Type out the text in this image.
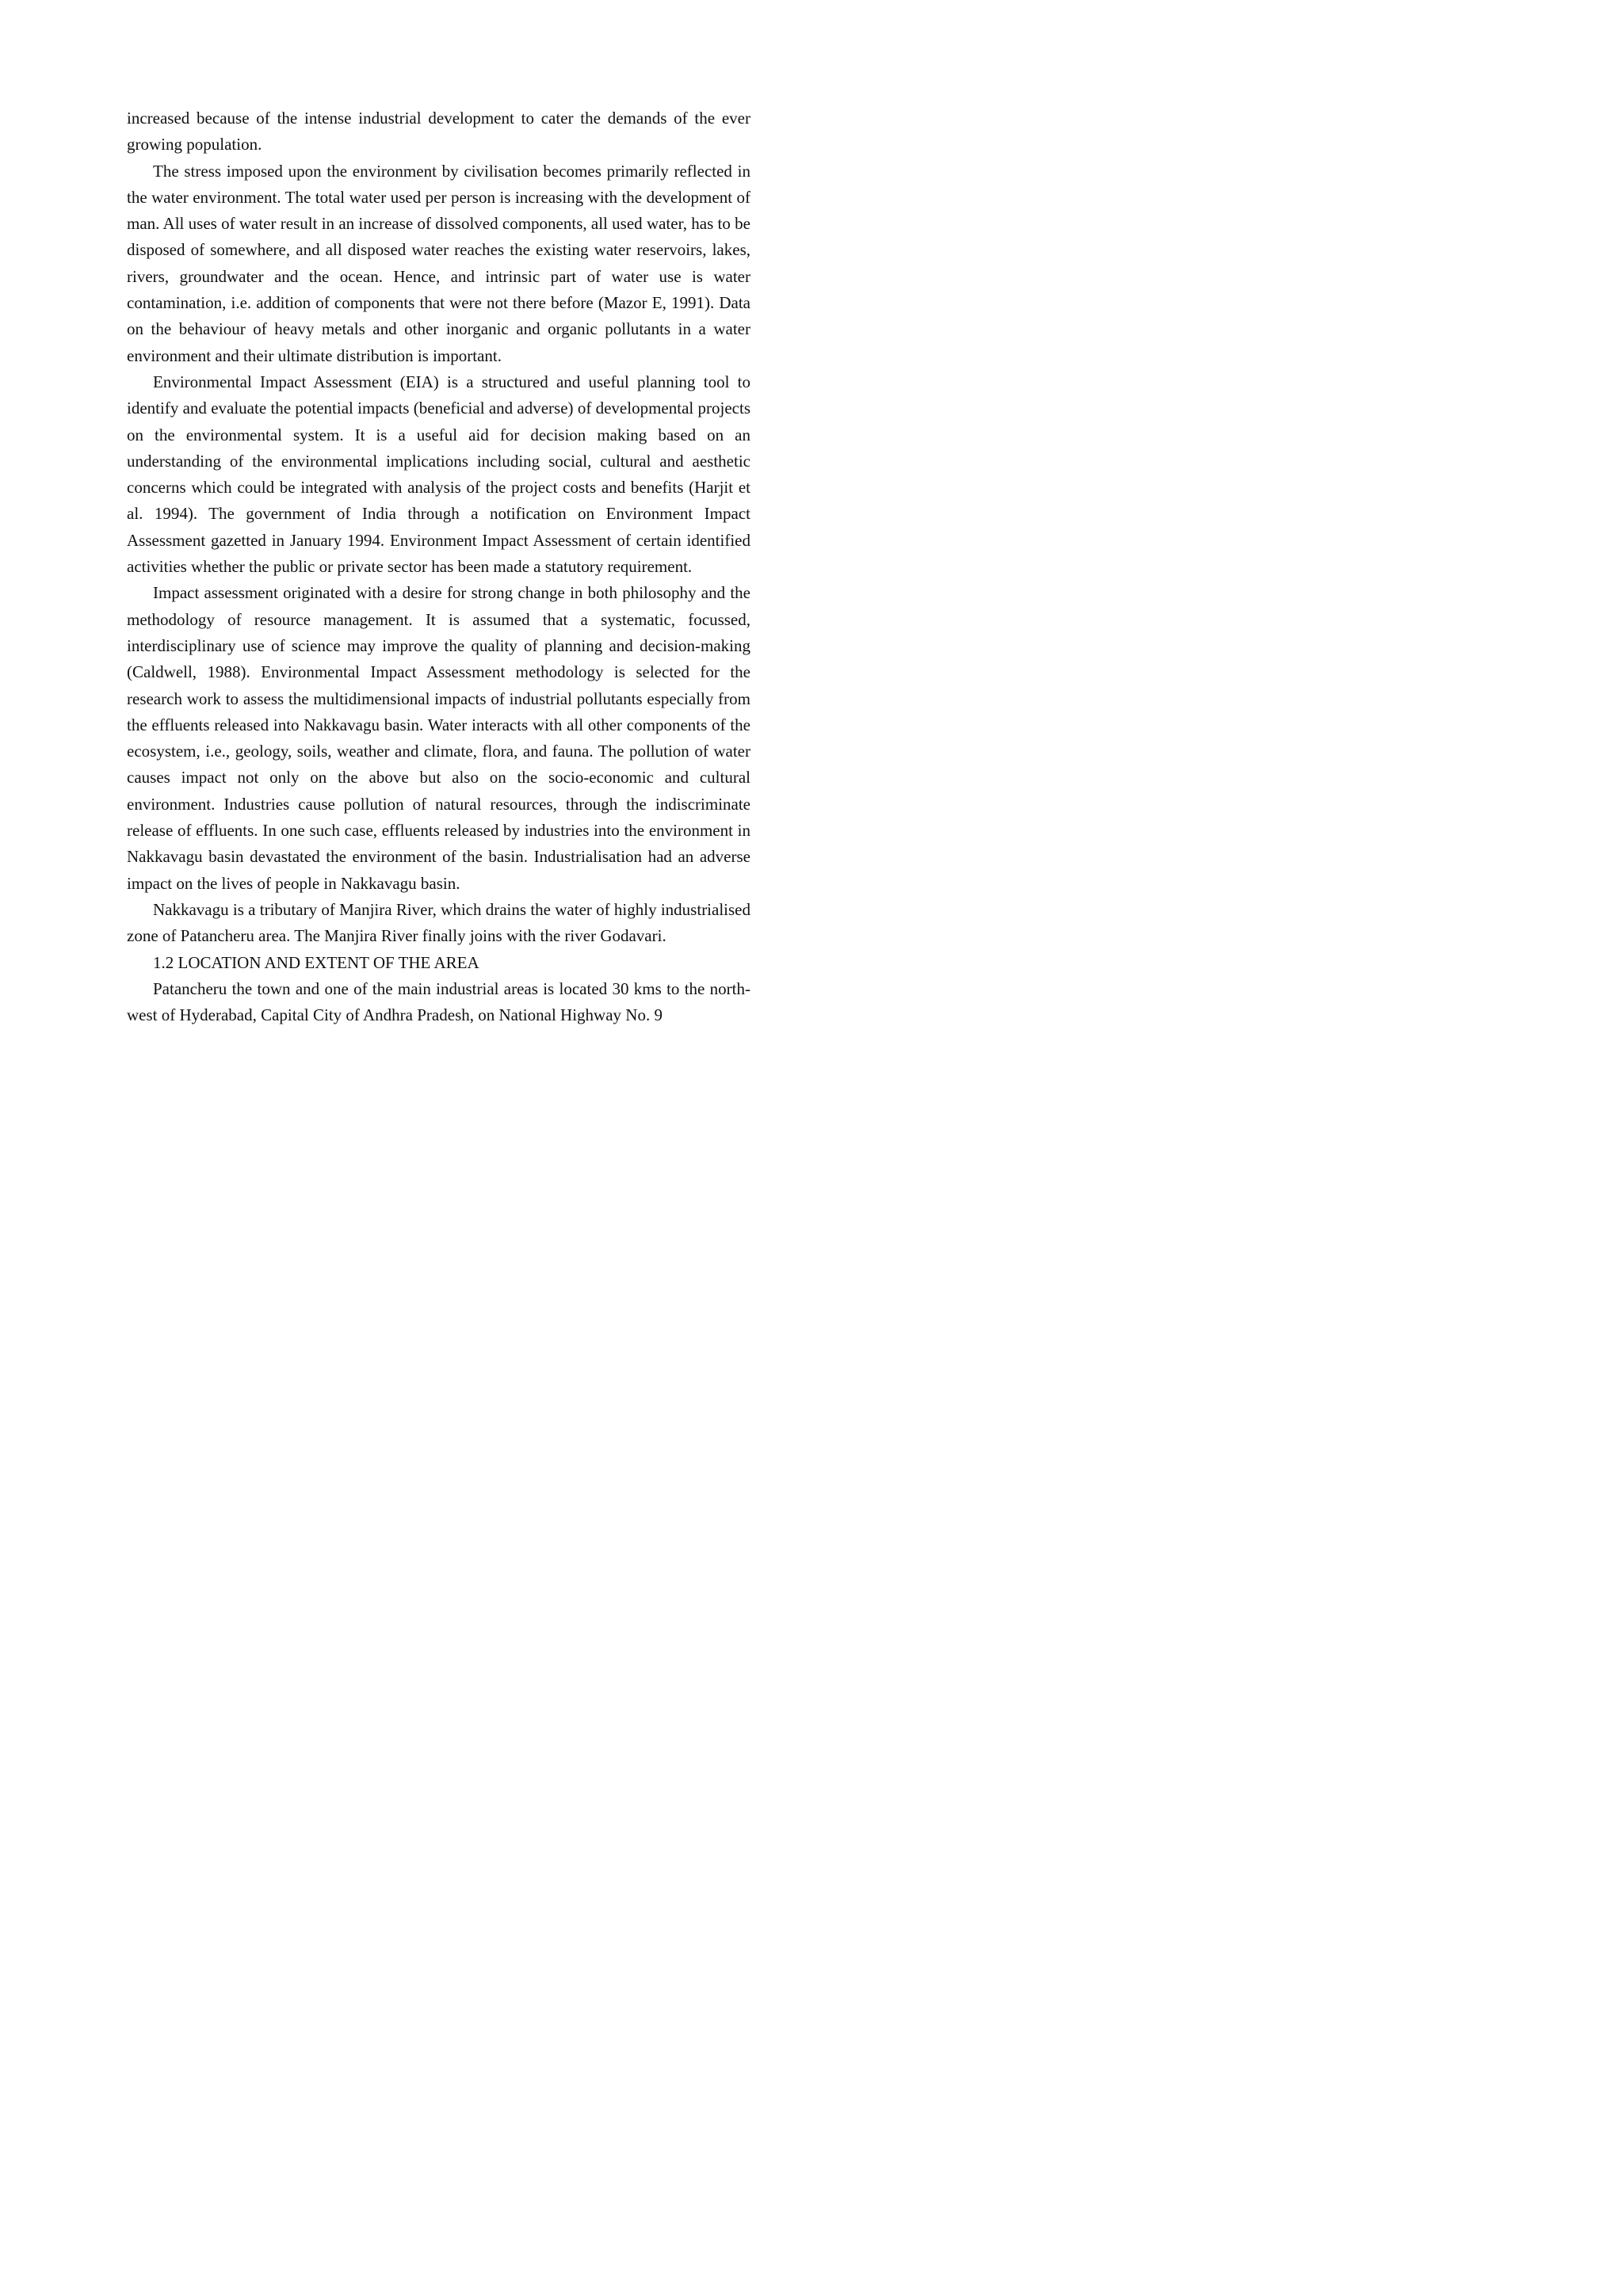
increased because of the intense industrial development to cater the demands of the ever growing population.

The stress imposed upon the environment by civilisation becomes primarily reflected in the water environment. The total water used per person is increasing with the development of man. All uses of water result in an increase of dissolved components, all used water, has to be disposed of somewhere, and all disposed water reaches the existing water reservoirs, lakes, rivers, groundwater and the ocean. Hence, and intrinsic part of water use is water contamination, i.e. addition of components that were not there before (Mazor E, 1991). Data on the behaviour of heavy metals and other inorganic and organic pollutants in a water environment and their ultimate distribution is important.

Environmental Impact Assessment (EIA) is a structured and useful planning tool to identify and evaluate the potential impacts (beneficial and adverse) of developmental projects on the environmental system. It is a useful aid for decision making based on an understanding of the environmental implications including social, cultural and aesthetic concerns which could be integrated with analysis of the project costs and benefits (Harjit et al. 1994). The government of India through a notification on Environment Impact Assessment gazetted in January 1994. Environment Impact Assessment of certain identified activities whether the public or private sector has been made a statutory requirement.

Impact assessment originated with a desire for strong change in both philosophy and the methodology of resource management. It is assumed that a systematic, focussed, interdisciplinary use of science may improve the quality of planning and decision-making (Caldwell, 1988). Environmental Impact Assessment methodology is selected for the research work to assess the multidimensional impacts of industrial pollutants especially from the effluents released into Nakkavagu basin. Water interacts with all other components of the ecosystem, i.e., geology, soils, weather and climate, flora, and fauna. The pollution of water causes impact not only on the above but also on the socio-economic and cultural environment. Industries cause pollution of natural resources, through the indiscriminate release of effluents. In one such case, effluents released by industries into the environment in Nakkavagu basin devastated the environment of the basin. Industrialisation had an adverse impact on the lives of people in Nakkavagu basin.

Nakkavagu is a tributary of Manjira River, which drains the water of highly industrialised zone of Patancheru area. The Manjira River finally joins with the river Godavari.

1.2 LOCATION AND EXTENT OF THE AREA

Patancheru the town and one of the main industrial areas is located 30 kms to the north-west of Hyderabad, Capital City of Andhra Pradesh, on National Highway No. 9
